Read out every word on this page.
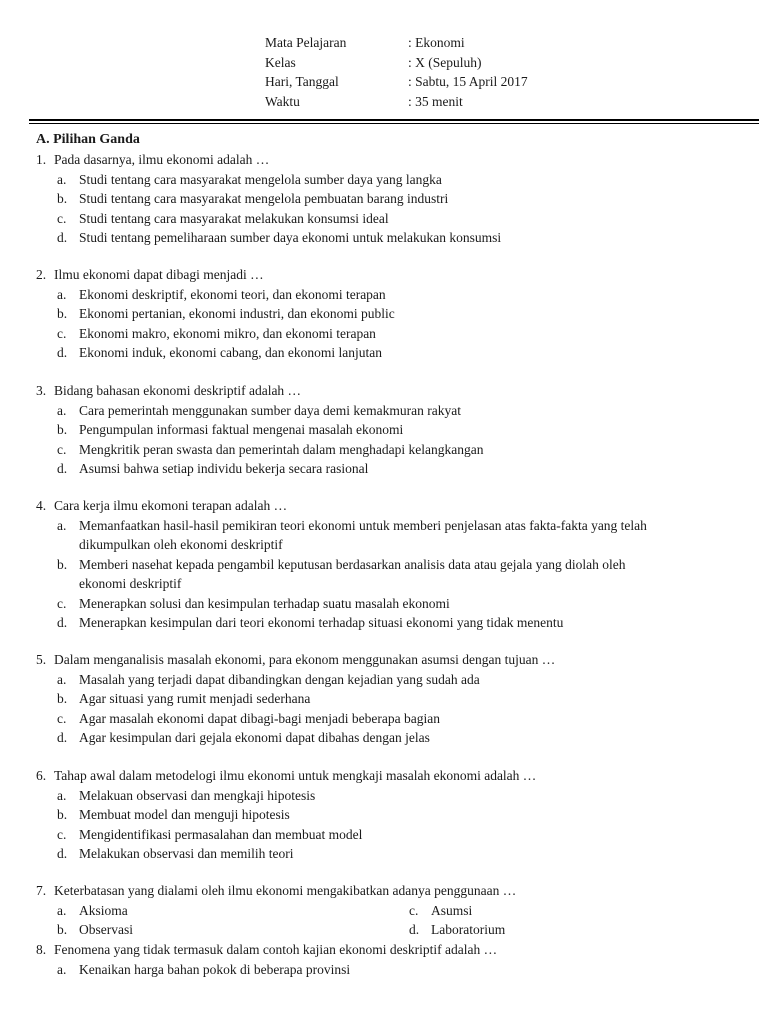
Mata Pelajaran	: Ekonomi
Kelas	: X (Sepuluh)
Hari, Tanggal	: Sabtu, 15 April 2017
Waktu	: 35 menit
A. Pilihan Ganda
1. Pada dasarnya, ilmu ekonomi adalah …
a. Studi tentang cara masyarakat mengelola sumber daya yang langka
b. Studi tentang cara masyarakat mengelola pembuatan barang industri
c. Studi tentang cara masyarakat melakukan konsumsi ideal
d. Studi tentang pemeliharaan sumber daya ekonomi untuk melakukan konsumsi
2. Ilmu ekonomi dapat dibagi menjadi …
a. Ekonomi deskriptif, ekonomi teori, dan ekonomi terapan
b. Ekonomi pertanian, ekonomi industri, dan ekonomi public
c. Ekonomi makro, ekonomi mikro, dan ekonomi terapan
d. Ekonomi induk, ekonomi cabang, dan ekonomi lanjutan
3. Bidang bahasan ekonomi deskriptif adalah …
a. Cara pemerintah menggunakan sumber daya demi kemakmuran rakyat
b. Pengumpulan informasi faktual mengenai masalah ekonomi
c. Mengkritik peran swasta dan pemerintah dalam menghadapi kelangkangan
d. Asumsi bahwa setiap individu bekerja secara rasional
4. Cara kerja ilmu ekomoni terapan adalah …
a. Memanfaatkan hasil-hasil pemikiran teori ekonomi untuk memberi penjelasan atas fakta-fakta yang telah
dikumpulkan oleh ekonomi deskriptif
b. Memberi nasehat kepada pengambil keputusan berdasarkan analisis data atau gejala yang diolah oleh
ekonomi deskriptif
c. Menerapkan solusi dan kesimpulan terhadap suatu masalah ekonomi
d. Menerapkan kesimpulan dari teori ekonomi terhadap situasi ekonomi yang tidak menentu
5. Dalam menganalisis masalah ekonomi, para ekonom menggunakan asumsi dengan tujuan …
a. Masalah yang terjadi dapat dibandingkan dengan kejadian yang sudah ada
b. Agar situasi yang rumit menjadi sederhana
c. Agar masalah ekonomi dapat dibagi-bagi menjadi beberapa bagian
d. Agar kesimpulan dari gejala ekonomi dapat dibahas dengan jelas
6. Tahap awal dalam metodelogi ilmu ekonomi untuk mengkaji masalah ekonomi adalah …
a. Melakuan observasi dan mengkaji hipotesis
b. Membuat model dan menguji hipotesis
c. Mengidentifikasi permasalahan dan membuat model
d. Melakukan observasi dan memilih teori
7. Keterbatasan yang dialami oleh ilmu ekonomi mengakibatkan adanya penggunaan …
a. Aksioma	c. Asumsi
b. Observasi	d. Laboratorium
8. Fenomena yang tidak termasuk dalam contoh kajian ekonomi deskriptif adalah …
a. Kenaikan harga bahan pokok di beberapa provinsi
